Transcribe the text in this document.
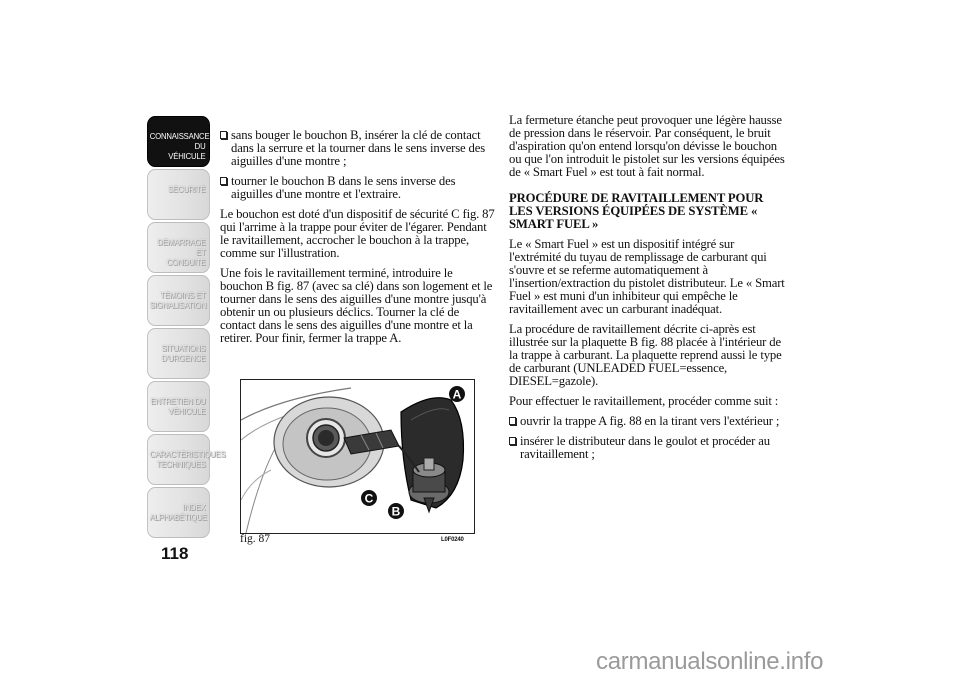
CONNAISSANCE DU
VÉHICULE
SÉCURITÉ
DÉMARRAGE ET
CONDUITE
TÉMOINS ET
SIGNALISATION
SITUATIONS
D'URGENCE
ENTRETIEN DU
VÉHICULE
CARACTÉRISTIQUES
TECHNIQUES
INDEX
ALPHABÉTIQUE
118
sans bouger le bouchon B, insérer la clé de contact dans la serrure et la tourner dans le sens inverse des aiguilles d'une montre ;
tourner le bouchon B dans le sens inverse des aiguilles d'une montre et l'extraire.

Le bouchon est doté d'un dispositif de sécurité C fig. 87 qui l'arrime à la trappe pour éviter de l'égarer. Pendant le ravitaillement, accrocher le bouchon à la trappe, comme sur l'illustration.

Une fois le ravitaillement terminé, introduire le bouchon B fig. 87 (avec sa clé) dans son logement et le tourner dans le sens des aiguilles d'une montre jusqu'à obtenir un ou plusieurs déclics. Tourner la clé de contact dans le sens des aiguilles d'une montre et la retirer. Pour finir, fermer la trappe A.

A
C
B
fig. 87	L0F0240

La fermeture étanche peut provoquer une légère hausse de pression dans le réservoir. Par conséquent, le bruit d'aspiration qu'on entend lorsqu'on dévisse le bouchon ou que l'on introduit le pistolet sur les versions équipées de « Smart Fuel » est tout à fait normal.

PROCÉDURE DE RAVITAILLEMENT POUR LES VERSIONS ÉQUIPÉES DE SYSTÈME « SMART FUEL »

Le « Smart Fuel » est un dispositif intégré sur l'extrémité du tuyau de remplissage de carburant qui s'ouvre et se referme automatiquement à l'insertion/extraction du pistolet distributeur. Le « Smart Fuel » est muni d'un inhibiteur qui empêche le ravitaillement avec un carburant inadéquat.

La procédure de ravitaillement décrite ci-après est illustrée sur la plaquette B fig. 88 placée à l'intérieur de la trappe à carburant. La plaquette reprend aussi le type de carburant (UNLEADED FUEL=essence, DIESEL=gazole).

Pour effectuer le ravitaillement, procéder comme suit :

ouvrir la trappe A fig. 88 en la tirant vers l'extérieur ;
insérer le distributeur dans le goulot et procéder au ravitaillement ;
carmanualsonline.info
